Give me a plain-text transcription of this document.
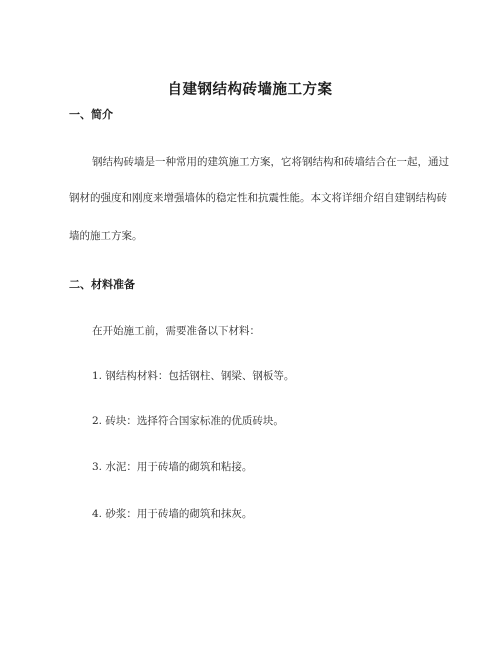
自建钢结构砖墙施工方案
一、简介
钢结构砖墙是一种常用的建筑施工方案，它将钢结构和砖墙结合在一起，通过
钢材的强度和刚度来增强墙体的稳定性和抗震性能。本文将详细介绍自建钢结构砖
墙的施工方案。
二、材料准备
在开始施工前，需要准备以下材料：
1. 钢结构材料：包括钢柱、钢梁、钢板等。
2. 砖块：选择符合国家标准的优质砖块。
3. 水泥：用于砖墙的砌筑和粘接。
4. 砂浆：用于砖墙的砌筑和抹灰。
